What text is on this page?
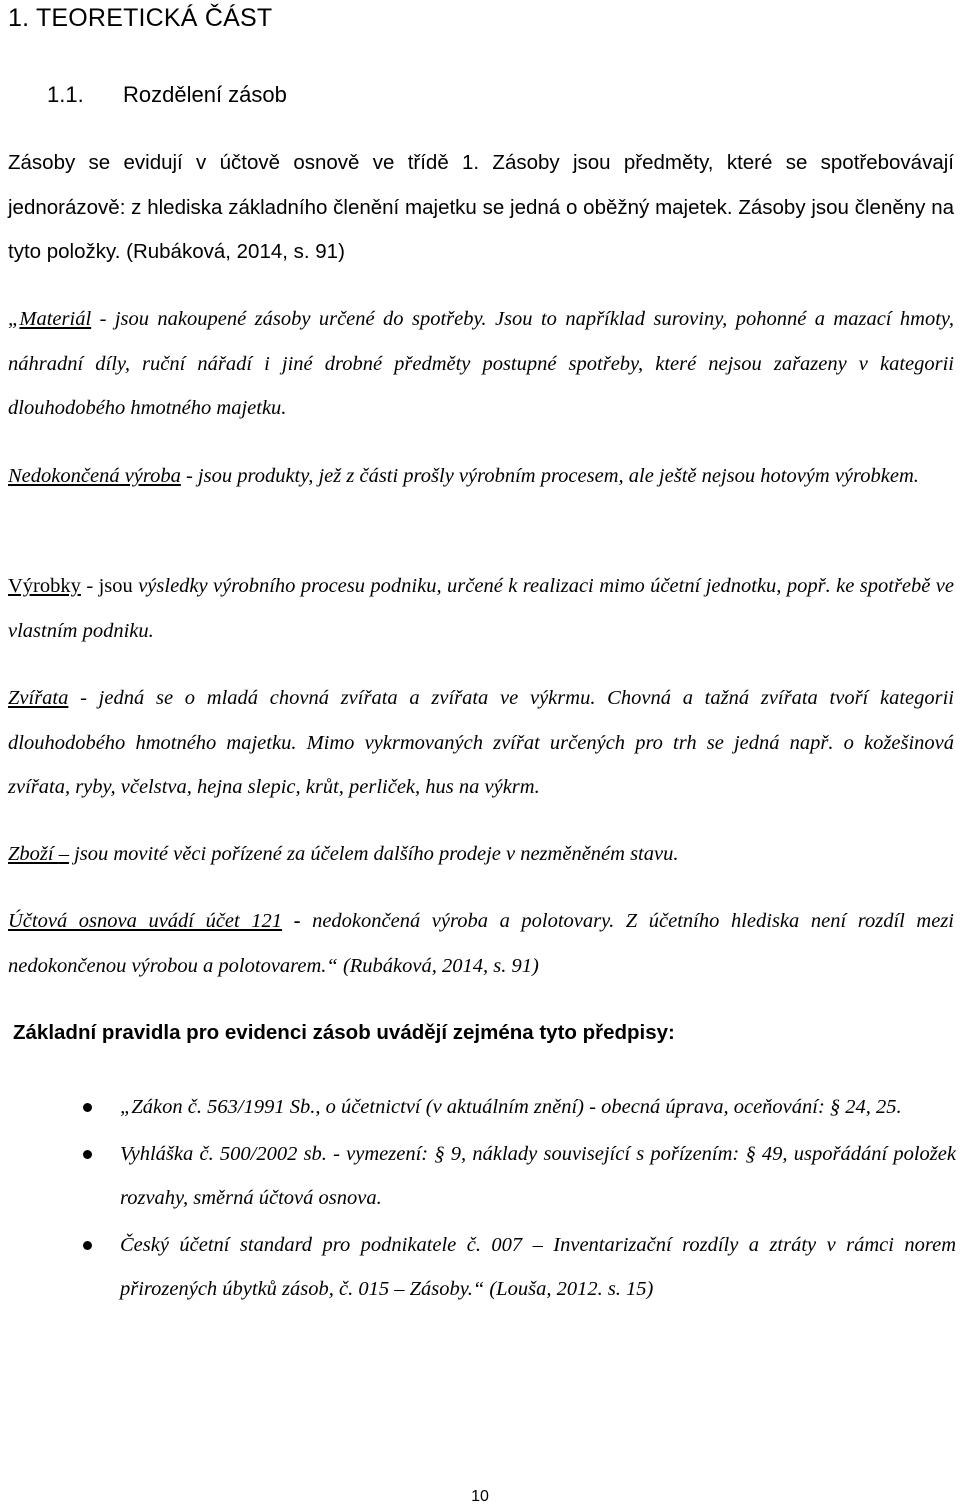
1. TEORETICKÁ ČÁST
1.1. Rozdělení zásob

Zásoby se evidují v účtově osnově ve třídě 1. Zásoby jsou předměty, které se spotřebovávají jednorázově: z hlediska základního členění majetku se jedná o oběžný majetek. Zásoby jsou členěny na tyto položky. (Rubáková, 2014, s. 91)

„Materiál - jsou nakoupené zásoby určené do spotřeby. Jsou to například suroviny, pohonné a mazací hmoty, náhradní díly, ruční nářadí i jiné drobné předměty postupné spotřeby, které nejsou zařazeny v kategorii dlouhodobého hmotného majetku.

Nedokončená výroba - jsou produkty, jež z části prošly výrobním procesem, ale ještě nejsou hotovým výrobkem.

Výrobky - jsou výsledky výrobního procesu podniku, určené k realizaci mimo účetní jednotku, popř. ke spotřebě ve vlastním podniku.

Zvířata - jedná se o mladá chovná zvířata a zvířata ve výkrmu. Chovná a tažná zvířata tvoří kategorii dlouhodobého hmotného majetku. Mimo vykrmovaných zvířat určených pro trh se jedná např. o kožešinová zvířata, ryby, včelstva, hejna slepic, krůt, perliček, hus na výkrm.

Zboží – jsou movité věci pořízené za účelem dalšího prodeje v nezměněném stavu.

Účtová osnova uvádí účet 121 - nedokončená výroba a polotovary. Z účetního hlediska není rozdíl mezi nedokončenou výrobou a polotovarem.“ (Rubáková, 2014, s. 91)

Základní pravidla pro evidenci zásob uvádějí zejména tyto předpisy:
„Zákon č. 563/1991 Sb., o účetnictví (v aktuálním znění) - obecná úprava, oceňování: § 24, 25.
Vyhláška č. 500/2002 sb. - vymezení: § 9, náklady související s pořízením: § 49, uspořádání položek rozvahy, směrná účtová osnova.
Český účetní standard pro podnikatele č. 007 – Inventarizační rozdíly a ztráty v rámci norem přirozených úbytků zásob, č. 015 – Zásoby.“ (Louša, 2012. s. 15)
10
